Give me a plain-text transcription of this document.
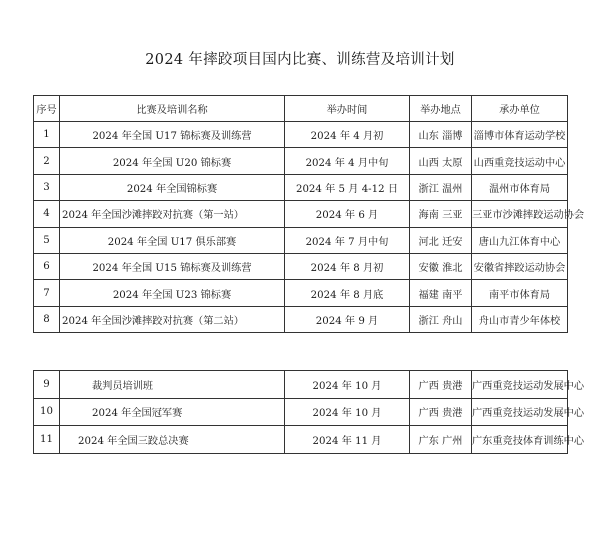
2024 年摔跤项目国内比赛、训练营及培训计划
序号	比赛及培训名称	举办时间	举办地点	承办单位
1	2024 年全国 U17 锦标赛及训练营	2024 年 4 月初	山东 淄博	淄博市体育运动学校
2	2024 年全国 U20 锦标赛	2024 年 4 月中旬	山西 太原	山西重竞技运动中心
3	2024 年全国锦标赛	2024 年 5 月 4-12 日	浙江 温州	温州市体育局
4	2024 年全国沙滩摔跤对抗赛（第一站）	2024 年 6 月	海南 三亚	三亚市沙滩摔跤运动协会
5	2024 年全国 U17 俱乐部赛	2024 年 7 月中旬	河北 迁安	唐山九江体育中心
6	2024 年全国 U15 锦标赛及训练营	2024 年 8 月初	安徽 淮北	安徽省摔跤运动协会
7	2024 年全国 U23 锦标赛	2024 年 8 月底	福建 南平	南平市体育局
8	2024 年全国沙滩摔跤对抗赛（第二站）	2024 年 9 月	浙江 舟山	舟山市青少年体校
9	裁判员培训班	2024 年 10 月	广西 贵港	广西重竞技运动发展中心
10	2024 年全国冠军赛	2024 年 10 月	广西 贵港	广西重竞技运动发展中心
11	2024 年全国三跤总决赛	2024 年 11 月	广东 广州	广东重竞技体育训练中心
